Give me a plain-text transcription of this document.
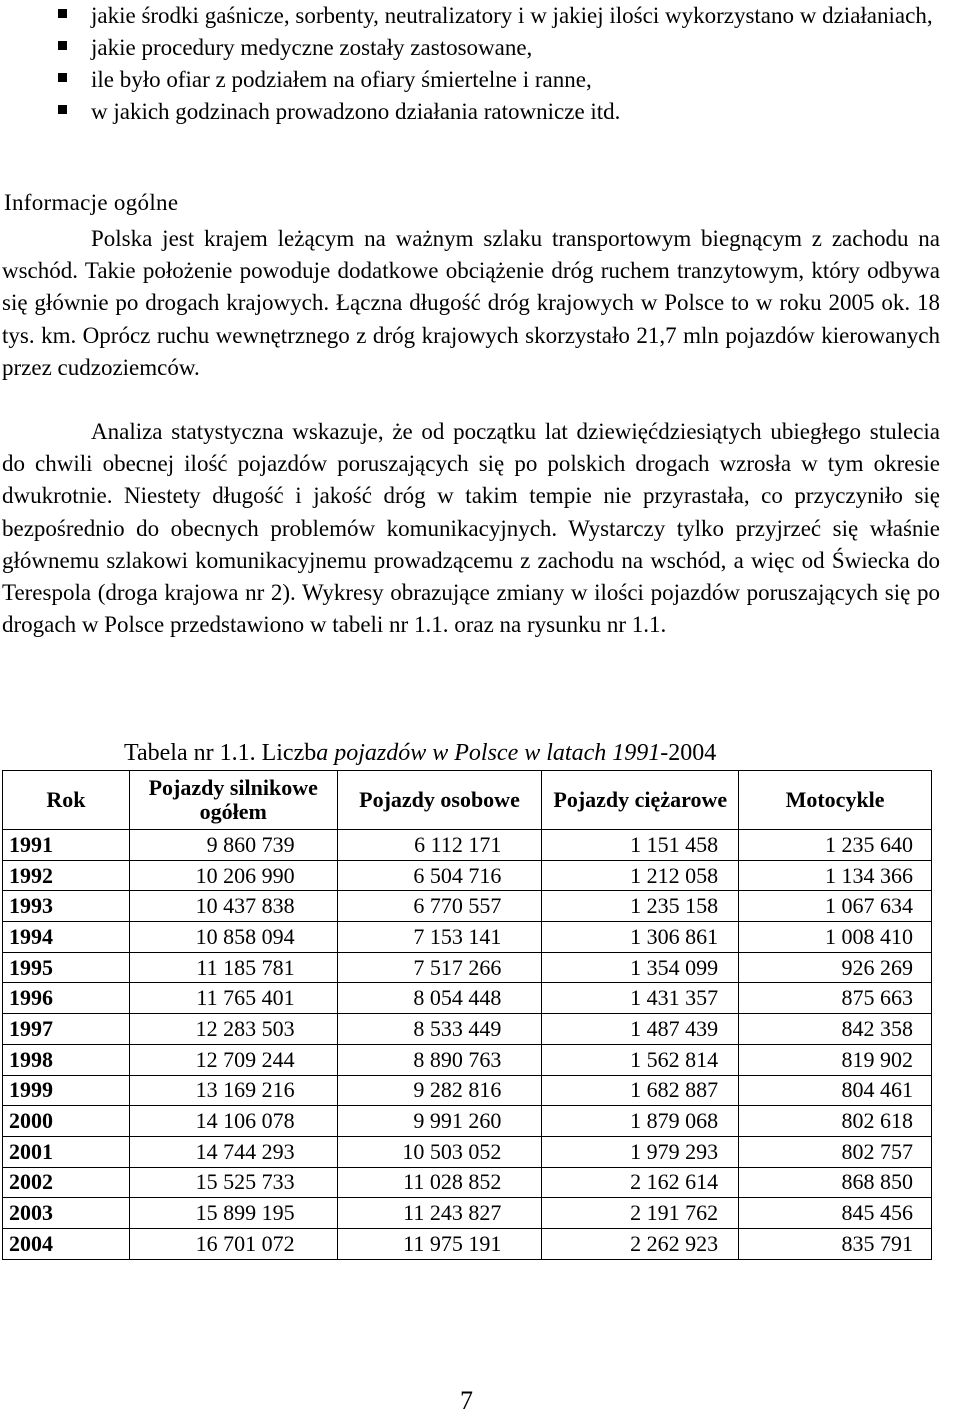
jakie środki gaśnicze, sorbenty, neutralizatory i w jakiej ilości wykorzystano w działaniach,
jakie procedury medyczne zostały zastosowane,
ile było ofiar z podziałem na ofiary śmiertelne i ranne,
w jakich godzinach prowadzono działania ratownicze itd.
Informacje ogólne

Polska jest krajem leżącym na ważnym szlaku transportowym biegnącym z zachodu na wschód. Takie położenie powoduje dodatkowe obciążenie dróg ruchem tranzytowym, który odbywa się głównie po drogach krajowych. Łączna długość dróg krajowych w Polsce to w roku 2005 ok. 18 tys. km. Oprócz ruchu wewnętrznego z dróg krajowych skorzystało 21,7 mln pojazdów kierowanych przez cudzoziemców.

Analiza statystyczna wskazuje, że od początku lat dziewięćdziesiątych ubiegłego stulecia do chwili obecnej ilość pojazdów poruszających się po polskich drogach wzrosła w tym okresie dwukrotnie. Niestety długość i jakość dróg w takim tempie nie przyrastała, co przyczyniło się bezpośrednio do obecnych problemów komunikacyjnych. Wystarczy tylko przyjrzeć się właśnie głównemu szlakowi komunikacyjnemu prowadzącemu z zachodu na wschód, a więc od Świecka do Terespola (droga krajowa nr 2). Wykresy obrazujące zmiany w ilości pojazdów poruszających się po drogach w Polsce przedstawiono w tabeli nr 1.1. oraz na rysunku nr 1.1.

Tabela nr 1.1. Liczba pojazdów w Polsce w latach 1991-2004

Rok	Pojazdy silnikowe ogółem	Pojazdy osobowe	Pojazdy ciężarowe	Motocykle
1991	9 860 739	6 112 171	1 151 458	1 235 640
1992	10 206 990	6 504 716	1 212 058	1 134 366
1993	10 437 838	6 770 557	1 235 158	1 067 634
1994	10 858 094	7 153 141	1 306 861	1 008 410
1995	11 185 781	7 517 266	1 354 099	926 269
1996	11 765 401	8 054 448	1 431 357	875 663
1997	12 283 503	8 533 449	1 487 439	842 358
1998	12 709 244	8 890 763	1 562 814	819 902
1999	13 169 216	9 282 816	1 682 887	804 461
2000	14 106 078	9 991 260	1 879 068	802 618
2001	14 744 293	10 503 052	1 979 293	802 757
2002	15 525 733	11 028 852	2 162 614	868 850
2003	15 899 195	11 243 827	2 191 762	845 456
2004	16 701 072	11 975 191	2 262 923	835 791

7
